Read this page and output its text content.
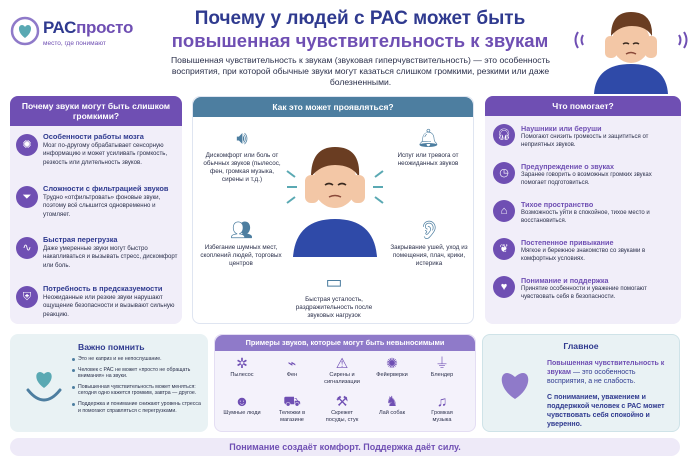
РАСпросто
место, где понимают
Почему у людей с РАС может быть
повышенная чувствительность к звукам
Повышенная чувствительность к звукам (звуковая гиперчувствительность) — это особенность восприятия, при которой обычные звуки могут казаться слишком громкими, резкими или даже болезненными.
Почему звуки могут быть слишком громкими?
✺
Особенности работы мозга
Мозг по-другому обрабатывает сенсорную информацию и может усиливать громкость, резкость или длительность звуков.
⏷
Сложности с фильтрацией звуков
Трудно «отфильтровать» фоновые звуки, поэтому всё слышится одновременно и утомляет.
∿
Быстрая перегрузка
Даже умеренные звуки могут быстро накапливаться и вызывать стресс, дискомфорт или боль.
⛨
Потребность в предсказуемости
Неожиданные или резкие звуки нарушают ощущение безопасности и вызывают сильную реакцию.
Как это может проявляться?
🔊︎
Дискомфорт или боль от обычных звуков (пылесос, фен, громкая музыка, сирены и т.д.)
🔔︎
Испуг или тревога от неожиданных звуков
👥︎
Избегание шумных мест, скоплений людей, торговых центров
👂︎
Закрывание ушей, уход из помещения, плач, крики, истерика
▭
Быстрая усталость, раздражительность после звуковых нагрузок
Что помогает?
🎧︎
Наушники или беруши
Помогают снизить громкость и защититься от неприятных звуков.
◷
Предупреждение о звуках
Заранее говорить о возможных громких звуках помогает подготовиться.
⌂
Тихое пространство
Возможность уйти в спокойное, тихое место и восстановиться.
❦
Постепенное привыкание
Мягкое и бережное знакомство со звуками в комфортных условиях.
♥
Понимание и поддержка
Принятие особенности и уважение помогают чувствовать себя в безопасности.
Важно помнить
Это не каприз и не непослушание.
Человек с РАС не может «просто не обращать внимания» на звуки.
Повышенная чувствительность может меняться: сегодня одно кажется громким, завтра — другое.
Поддержка и понимание снижают уровень стресса и помогают справляться с перегрузками.
Примеры звуков, которые могут быть невыносимыми
✲
Пылесос
⌁
Фен
⚠
Сирены и сигнализации
✺
Фейерверки
⏚
Блендер
☻
Шумные люди
⛟
Тележки в магазине
⚒
Скрежет посуды, стук
♞
Лай собак
♫
Громкая музыка
Главное
Повышенная чувствительность к звукам — это особенность восприятия, а не слабость.
С пониманием, уважением и поддержкой человек с РАС может чувствовать себя спокойно и уверенно.
Понимание создаёт комфорт. Поддержка даёт силу.
